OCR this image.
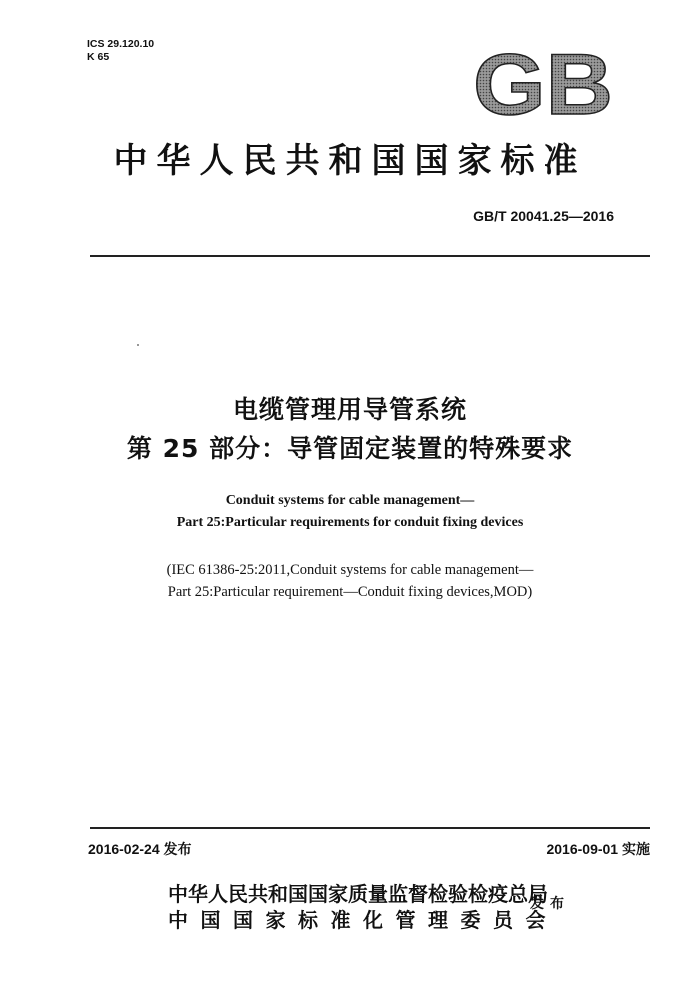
ICS 29.120.10
K 65	GB
中华人民共和国国家标准
GB/T 20041.25—2016
电缆管理用导管系统
第 25 部分：导管固定装置的特殊要求
Conduit systems for cable management—
Part 25:Particular requirements for conduit fixing devices
(IEC 61386-25:2011,Conduit systems for cable management—
Part 25:Particular requirement—Conduit fixing devices,MOD)
2016-02-24 发布	2016-09-01 实施
中华人民共和国国家质量监督检验检疫总局
中国国家标准化管理委员会
发布
